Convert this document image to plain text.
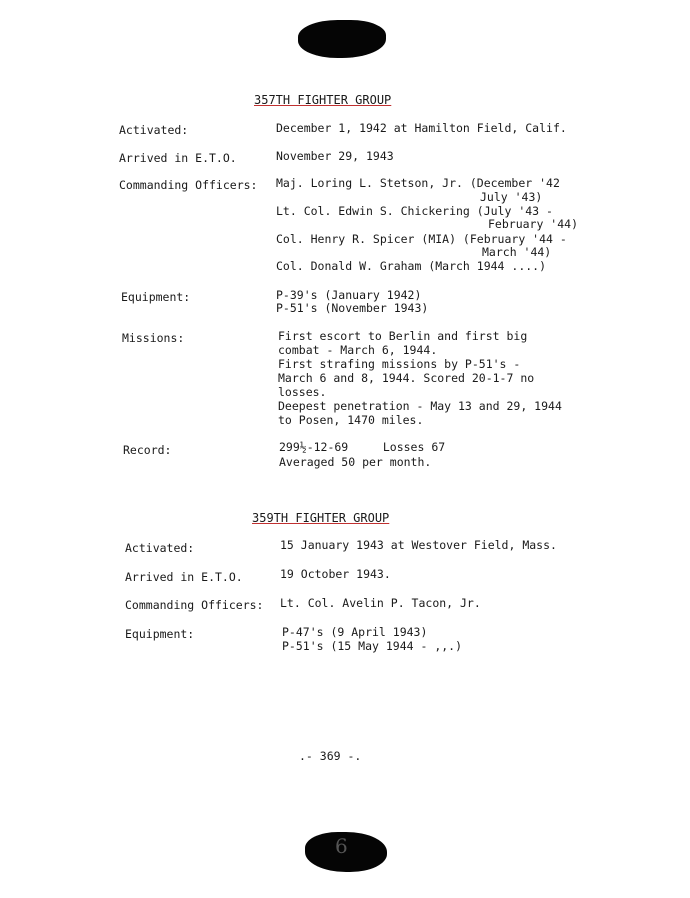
357TH FIGHTER GROUP
Activated:	December 1, 1942 at Hamilton Field, Calif.
Arrived in E.T.O.	November 29, 1943
Commanding Officers: Maj. Loring L. Stetson, Jr. (December '42
July '43)
Lt. Col. Edwin S. Chickering (July '43 -
February '44)
Col. Henry R. Spicer (MIA) (February '44 -
March '44)
Col. Donald W. Graham (March 1944 ....)
Equipment:	P-39's (January 1942)
P-51's (November 1943)
Missions:	First escort to Berlin and first big
combat - March 6, 1944.
First strafing missions by P-51's -
March 6 and 8, 1944. Scored 20-1-7 no
losses.
Deepest penetration - May 13 and 29, 1944
to Posen, 1470 miles.
Record:	299½-12-69     Losses 67
Averaged 50 per month.
359TH FIGHTER GROUP
Activated:	15 January 1943 at Westover Field, Mass.
Arrived in E.T.O.	19 October 1943.
Commanding Officers: Lt. Col. Avelin P. Tacon, Jr.
Equipment:	P-47's (9 April 1943)
P-51's (15 May 1944 - ,,.)
.- 369 -.
6
